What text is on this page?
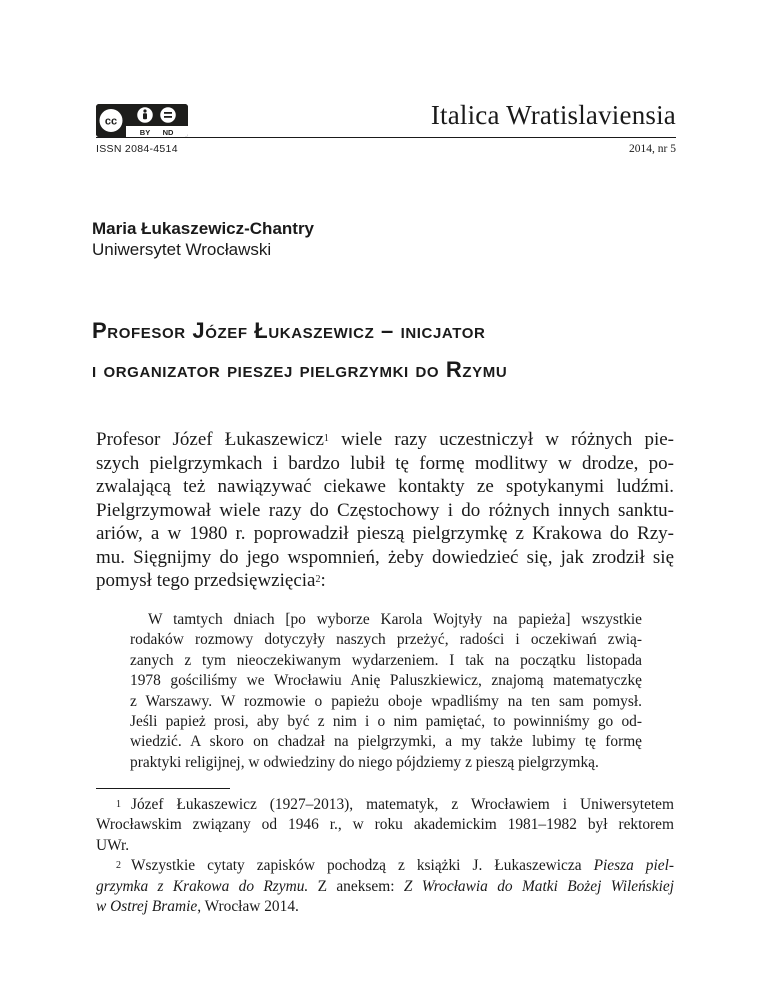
cc
BY ND
Italica Wratislaviensia
ISSN 2084-4514	2014, nr 5
Maria Łukaszewicz-Chantry
Uniwersytet Wrocławski
Profesor Józef Łukaszewicz – inicjator
i organizator pieszej pielgrzymki do Rzymu
Profesor Józef Łukaszewicz$^1$ wiele razy uczestniczył w różnych pie-
szych pielgrzymkach i bardzo lubił tę formę modlitwy w drodze, po-
zwalającą też nawiązywać ciekawe kontakty ze spotykanymi ludźmi.
Pielgrzymował wiele razy do Częstochowy i do różnych innych sanktu-
ariów, a w 1980 r. poprowadził pieszą pielgrzymkę z Krakowa do Rzy-
mu. Sięgnijmy do jego wspomnień, żeby dowiedzieć się, jak zrodził się
pomysł tego przedsięwzięcia$^2$:
W tamtych dniach [po wyborze Karola Wojtyły na papieża] wszystkie
rodaków rozmowy dotyczyły naszych przeżyć, radości i oczekiwań zwią-
zanych z tym nieoczekiwanym wydarzeniem. I tak na początku listopada
1978 gościliśmy we Wrocławiu Anię Paluszkiewicz, znajomą matematyczkę
z Warszawy. W rozmowie o papieżu oboje wpadliśmy na ten sam pomysł.
Jeśli papież prosi, aby być z nim i o nim pamiętać, to powinniśmy go od-
wiedzić. A skoro on chadzał na pielgrzymki, a my także lubimy tę formę
praktyki religijnej, w odwiedziny do niego pójdziemy z pieszą pielgrzymką.
$^1$ Józef Łukaszewicz (1927–2013), matematyk, z Wrocławiem i Uniwersytetem
Wrocławskim związany od 1946 r., w roku akademickim 1981–1982 był rektorem
UWr.
$^2$ Wszystkie cytaty zapisków pochodzą z książki J. Łukaszewicza Piesza piel-
grzymka z Krakowa do Rzymu. Z aneksem: Z Wrocławia do Matki Bożej Wileńskiej
w Ostrej Bramie, Wrocław 2014.
